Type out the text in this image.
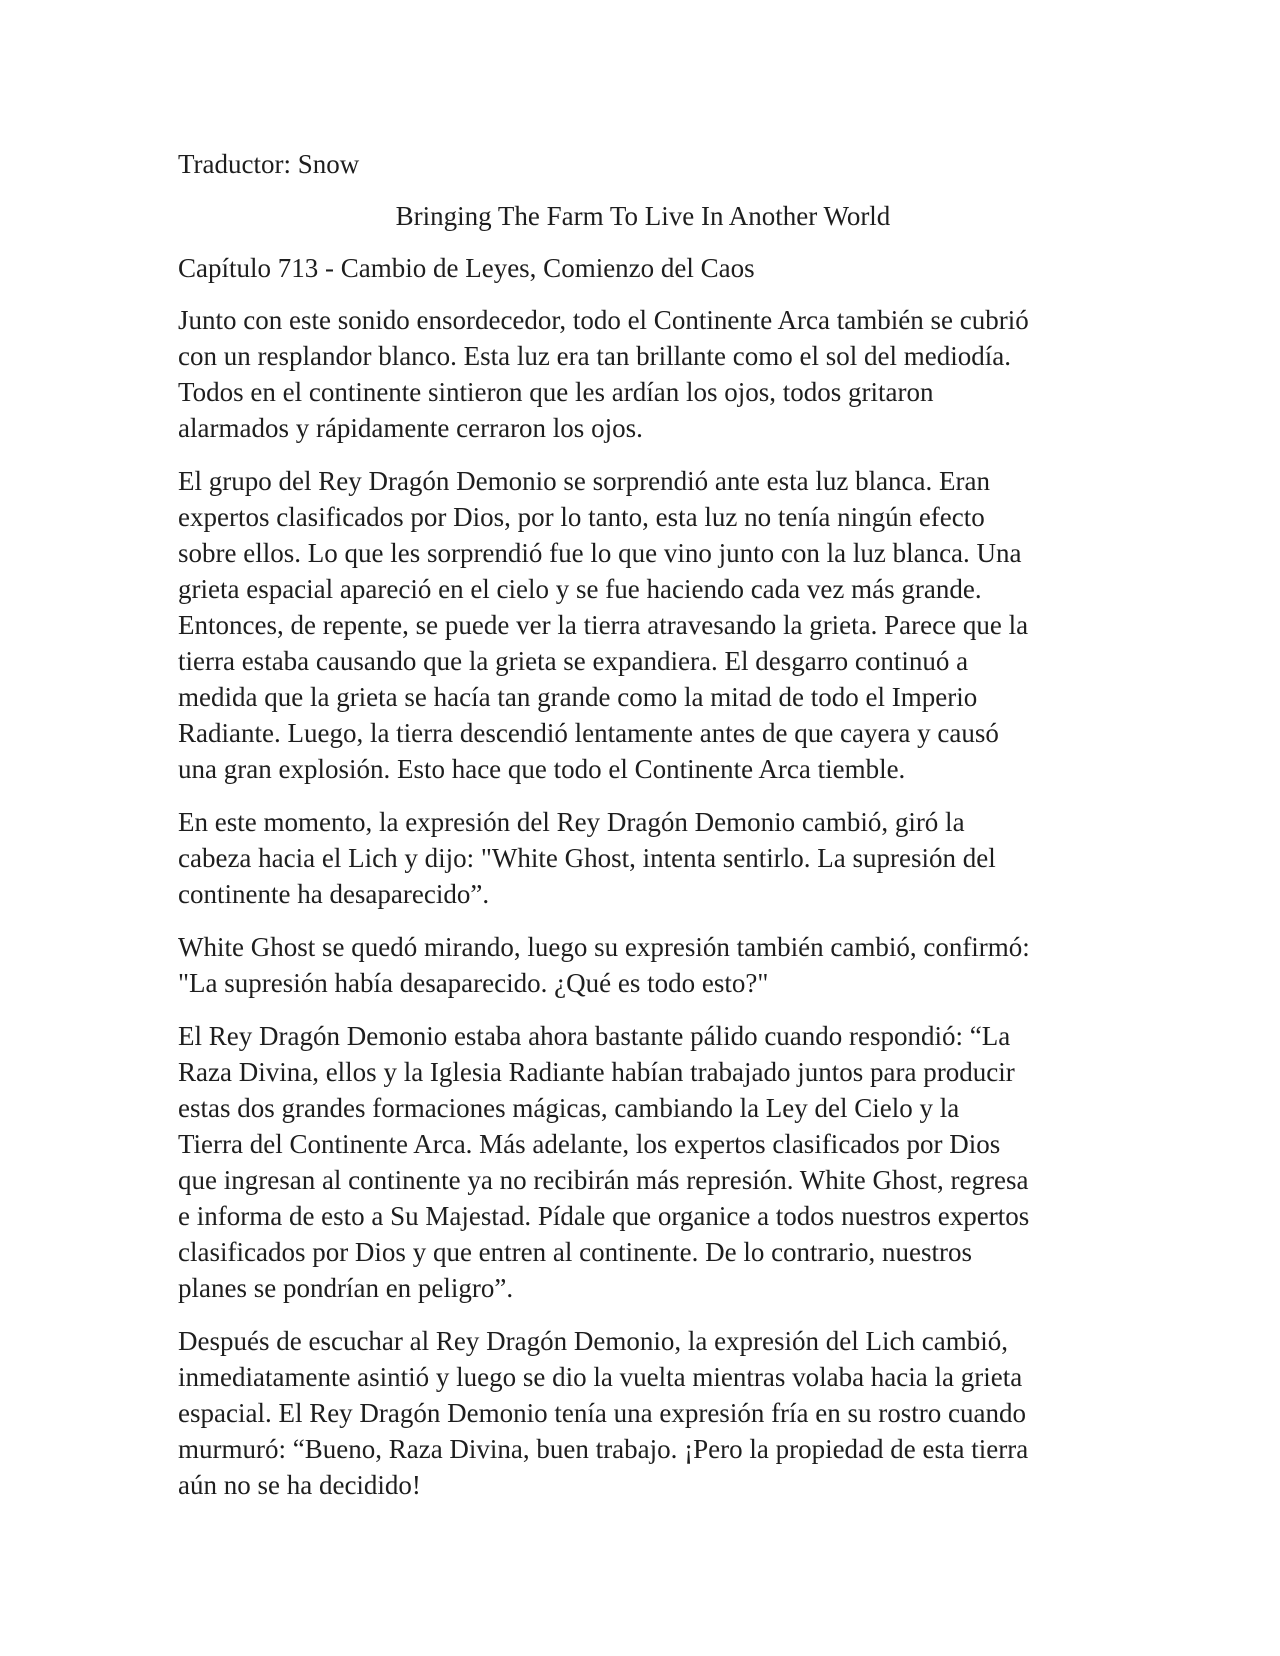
Traductor: Snow

Bringing The Farm To Live In Another World

Capítulo 713 - Cambio de Leyes, Comienzo del Caos

Junto con este sonido ensordecedor, todo el Continente Arca también se cubrió
con un resplandor blanco. Esta luz era tan brillante como el sol del mediodía.
Todos en el continente sintieron que les ardían los ojos, todos gritaron
alarmados y rápidamente cerraron los ojos.

El grupo del Rey Dragón Demonio se sorprendió ante esta luz blanca. Eran
expertos clasificados por Dios, por lo tanto, esta luz no tenía ningún efecto
sobre ellos. Lo que les sorprendió fue lo que vino junto con la luz blanca. Una
grieta espacial apareció en el cielo y se fue haciendo cada vez más grande.
Entonces, de repente, se puede ver la tierra atravesando la grieta. Parece que la
tierra estaba causando que la grieta se expandiera. El desgarro continuó a
medida que la grieta se hacía tan grande como la mitad de todo el Imperio
Radiante. Luego, la tierra descendió lentamente antes de que cayera y causó
una gran explosión. Esto hace que todo el Continente Arca tiemble.

En este momento, la expresión del Rey Dragón Demonio cambió, giró la
cabeza hacia el Lich y dijo: "White Ghost, intenta sentirlo. La supresión del
continente ha desaparecido”.

White Ghost se quedó mirando, luego su expresión también cambió, confirmó:
"La supresión había desaparecido. ¿Qué es todo esto?"

El Rey Dragón Demonio estaba ahora bastante pálido cuando respondió: “La
Raza Divina, ellos y la Iglesia Radiante habían trabajado juntos para producir
estas dos grandes formaciones mágicas, cambiando la Ley del Cielo y la
Tierra del Continente Arca. Más adelante, los expertos clasificados por Dios
que ingresan al continente ya no recibirán más represión. White Ghost, regresa
e informa de esto a Su Majestad. Pídale que organice a todos nuestros expertos
clasificados por Dios y que entren al continente. De lo contrario, nuestros
planes se pondrían en peligro”.

Después de escuchar al Rey Dragón Demonio, la expresión del Lich cambió,
inmediatamente asintió y luego se dio la vuelta mientras volaba hacia la grieta
espacial. El Rey Dragón Demonio tenía una expresión fría en su rostro cuando
murmuró: “Bueno, Raza Divina, buen trabajo. ¡Pero la propiedad de esta tierra
aún no se ha decidido!
